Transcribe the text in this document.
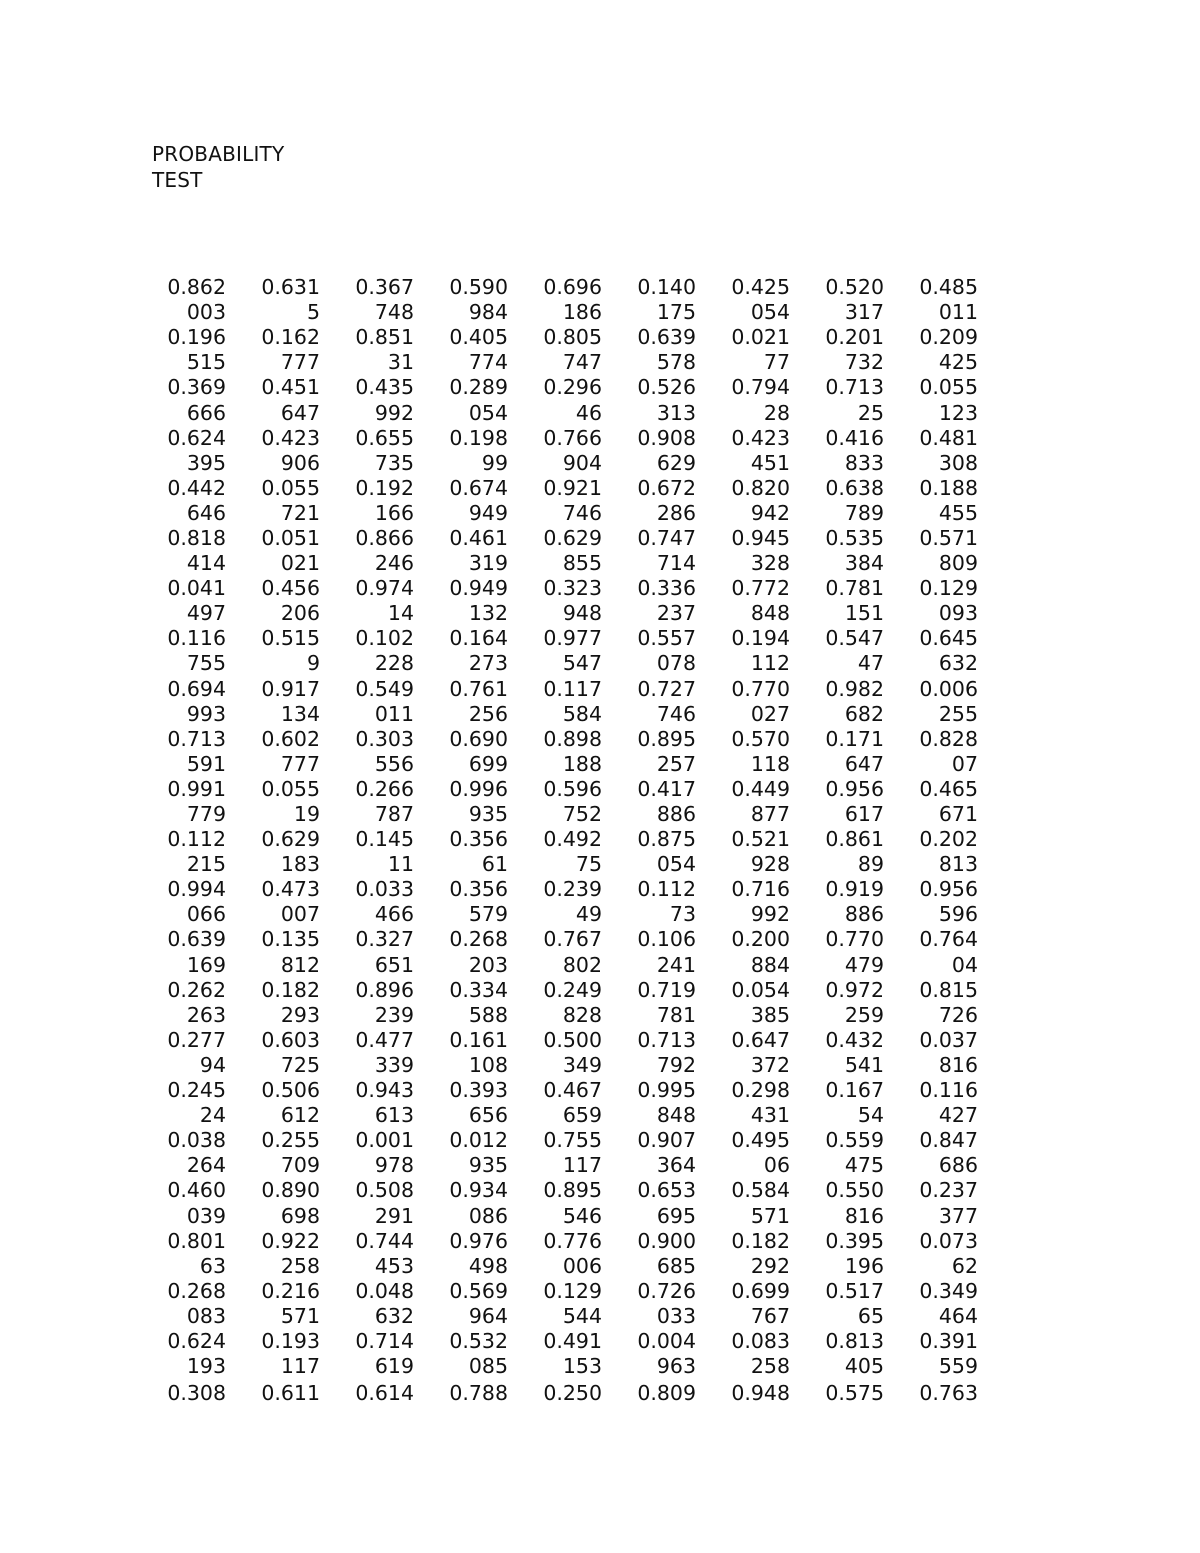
PROBABILITY
TEST
0.862	0.631	0.367	0.590	0.696	0.140	0.425	0.520	0.485
003	5	748	984	186	175	054	317	011
0.196	0.162	0.851	0.405	0.805	0.639	0.021	0.201	0.209
515	777	31	774	747	578	77	732	425
0.369	0.451	0.435	0.289	0.296	0.526	0.794	0.713	0.055
666	647	992	054	46	313	28	25	123
0.624	0.423	0.655	0.198	0.766	0.908	0.423	0.416	0.481
395	906	735	99	904	629	451	833	308
0.442	0.055	0.192	0.674	0.921	0.672	0.820	0.638	0.188
646	721	166	949	746	286	942	789	455
0.818	0.051	0.866	0.461	0.629	0.747	0.945	0.535	0.571
414	021	246	319	855	714	328	384	809
0.041	0.456	0.974	0.949	0.323	0.336	0.772	0.781	0.129
497	206	14	132	948	237	848	151	093
0.116	0.515	0.102	0.164	0.977	0.557	0.194	0.547	0.645
755	9	228	273	547	078	112	47	632
0.694	0.917	0.549	0.761	0.117	0.727	0.770	0.982	0.006
993	134	011	256	584	746	027	682	255
0.713	0.602	0.303	0.690	0.898	0.895	0.570	0.171	0.828
591	777	556	699	188	257	118	647	07
0.991	0.055	0.266	0.996	0.596	0.417	0.449	0.956	0.465
779	19	787	935	752	886	877	617	671
0.112	0.629	0.145	0.356	0.492	0.875	0.521	0.861	0.202
215	183	11	61	75	054	928	89	813
0.994	0.473	0.033	0.356	0.239	0.112	0.716	0.919	0.956
066	007	466	579	49	73	992	886	596
0.639	0.135	0.327	0.268	0.767	0.106	0.200	0.770	0.764
169	812	651	203	802	241	884	479	04
0.262	0.182	0.896	0.334	0.249	0.719	0.054	0.972	0.815
263	293	239	588	828	781	385	259	726
0.277	0.603	0.477	0.161	0.500	0.713	0.647	0.432	0.037
94	725	339	108	349	792	372	541	816
0.245	0.506	0.943	0.393	0.467	0.995	0.298	0.167	0.116
24	612	613	656	659	848	431	54	427
0.038	0.255	0.001	0.012	0.755	0.907	0.495	0.559	0.847
264	709	978	935	117	364	06	475	686
0.460	0.890	0.508	0.934	0.895	0.653	0.584	0.550	0.237
039	698	291	086	546	695	571	816	377
0.801	0.922	0.744	0.976	0.776	0.900	0.182	0.395	0.073
63	258	453	498	006	685	292	196	62
0.268	0.216	0.048	0.569	0.129	0.726	0.699	0.517	0.349
083	571	632	964	544	033	767	65	464
0.624	0.193	0.714	0.532	0.491	0.004	0.083	0.813	0.391
193	117	619	085	153	963	258	405	559
0.308	0.611	0.614	0.788	0.250	0.809	0.948	0.575	0.763
